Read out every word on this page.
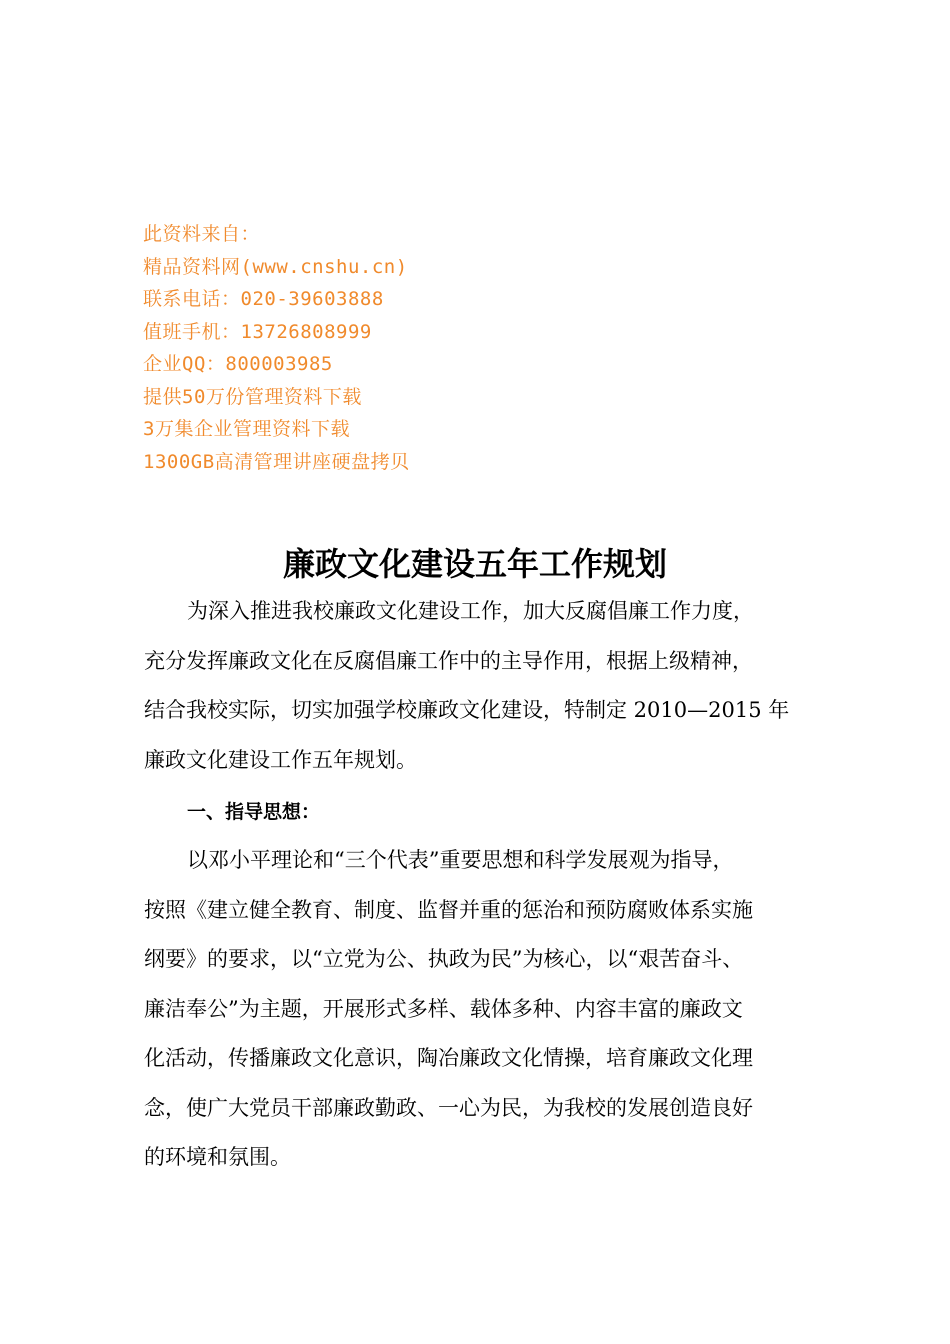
此资料来自：
精品资料网(www.cnshu.cn)
联系电话：020-39603888
值班手机：13726808999
企业QQ：800003985
提供50万份管理资料下载
3万集企业管理资料下载
1300GB高清管理讲座硬盘拷贝
廉政文化建设五年工作规划
为深入推进我校廉政文化建设工作，加大反腐倡廉工作力度，
充分发挥廉政文化在反腐倡廉工作中的主导作用，根据上级精神，
结合我校实际，切实加强学校廉政文化建设，特制定 2010—2015 年
廉政文化建设工作五年规划。
一、指导思想：
以邓小平理论和“三个代表”重要思想和科学发展观为指导，
按照《建立健全教育、制度、监督并重的惩治和预防腐败体系实施
纲要》的要求，以“立党为公、执政为民”为核心，以“艰苦奋斗、
廉洁奉公”为主题，开展形式多样、载体多种、内容丰富的廉政文
化活动，传播廉政文化意识，陶冶廉政文化情操，培育廉政文化理
念，使广大党员干部廉政勤政、一心为民，为我校的发展创造良好
的环境和氛围。
